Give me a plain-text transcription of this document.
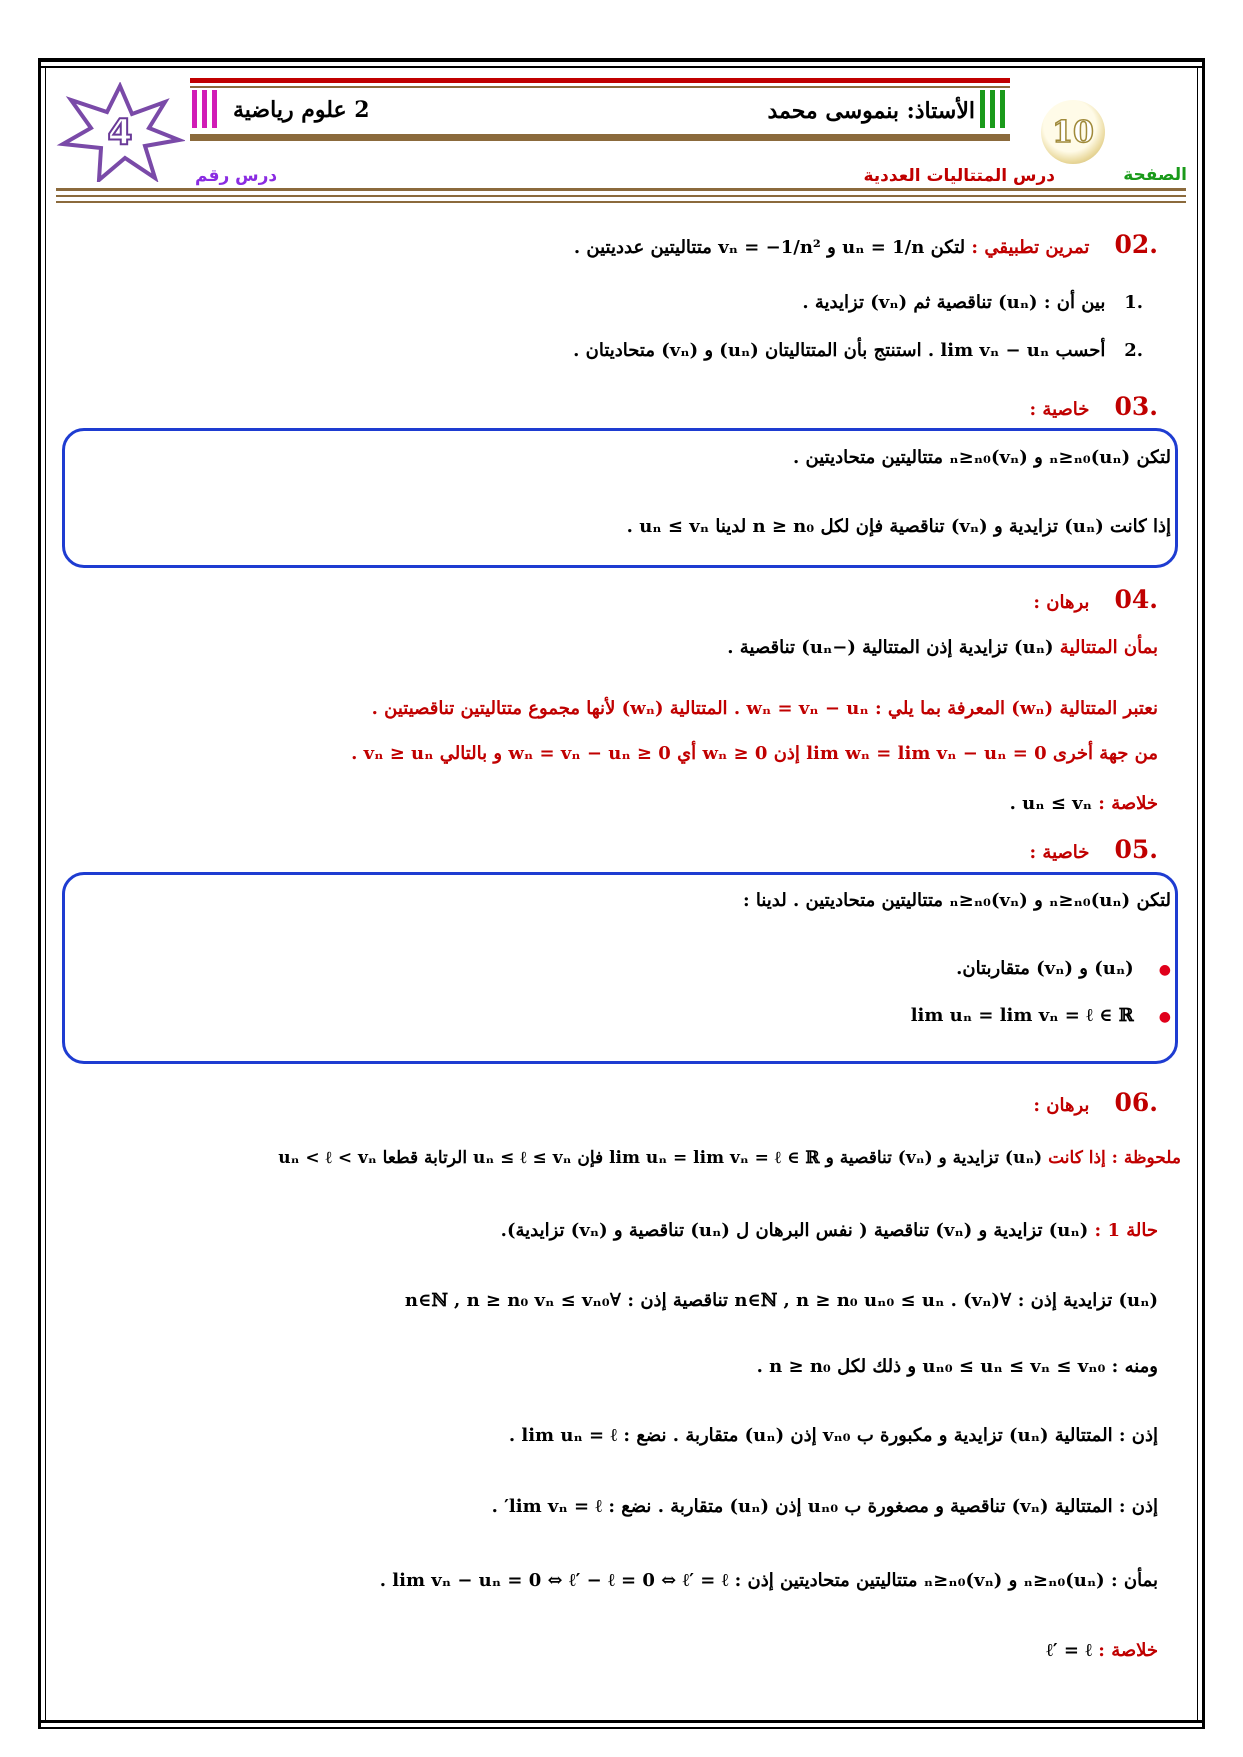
الأستاذ: بنموسى محمد
2 علوم رياضية
درس المتتاليات العددية
درس رقم	الصفحة
10
4
.02    تمرين تطبيقي : لتكن uₙ = 1/n و vₙ = −1/n² متتاليتين عدديتين .
.1   بين أن : (uₙ) تناقصية ثم (vₙ) تزايدية .
.2   أحسب lim vₙ − uₙ . استنتج بأن المتتاليتان (uₙ) و (vₙ) متحاديتان .
.03    خاصية :
لتكن (uₙ)ₙ≥ₙ₀ و (vₙ)ₙ≥ₙ₀ متتاليتين متحاديتين .
إذا كانت (uₙ) تزايدية و (vₙ) تناقصية فإن لكل n ≥ n₀ لدينا uₙ ≤ vₙ .
.04    برهان :
بمأن المتتالية (uₙ) تزايدية إذن المتتالية (−uₙ) تناقصية .
نعتبر المتتالية (wₙ) المعرفة بما يلي : wₙ = vₙ − uₙ . المتتالية (wₙ) لأنها مجموع متتاليتين تناقصيتين .
من جهة أخرى lim wₙ = lim vₙ − uₙ = 0 إذن wₙ ≥ 0 أي wₙ = vₙ − uₙ ≥ 0 و بالتالي vₙ ≥ uₙ .
خلاصة : uₙ ≤ vₙ .
.05    خاصية :
لتكن (uₙ)ₙ≥ₙ₀ و (vₙ)ₙ≥ₙ₀ متتاليتين متحاديتين . لدينا :
●    (uₙ) و (vₙ) متقاربتان.
●    lim uₙ = lim vₙ = ℓ ∈ ℝ
.06    برهان :
ملحوظة : إذا كانت (uₙ) تزايدية و (vₙ) تناقصية و lim uₙ = lim vₙ = ℓ ∈ ℝ فإن uₙ ≤ ℓ ≤ vₙ الرتابة قطعا uₙ < ℓ < vₙ
حالة 1 : (uₙ) تزايدية و (vₙ) تناقصية ( نفس البرهان ل (uₙ) تناقصية و (vₙ) تزايدية).
(uₙ) تزايدية إذن : ∀n∈ℕ , n ≥ n₀ uₙ₀ ≤ uₙ . (vₙ) تناقصية إذن : ∀n∈ℕ , n ≥ n₀ vₙ ≤ vₙ₀
ومنه : uₙ₀ ≤ uₙ ≤ vₙ ≤ vₙ₀ و ذلك لكل n ≥ n₀ .
إذن : المتتالية (uₙ) تزايدية و مكبورة ب vₙ₀ إذن (uₙ) متقاربة . نضع : lim uₙ = ℓ .
إذن : المتتالية (vₙ) تناقصية و مصغورة ب uₙ₀ إذن (uₙ) متقاربة . نضع : lim vₙ = ℓ′ .
بمأن : (uₙ)ₙ≥ₙ₀ و (vₙ)ₙ≥ₙ₀ متتاليتين متحاديتين إذن : lim vₙ − uₙ = 0 ⇔ ℓ′ − ℓ = 0 ⇔ ℓ′ = ℓ .
خلاصة : ℓ′ = ℓ
